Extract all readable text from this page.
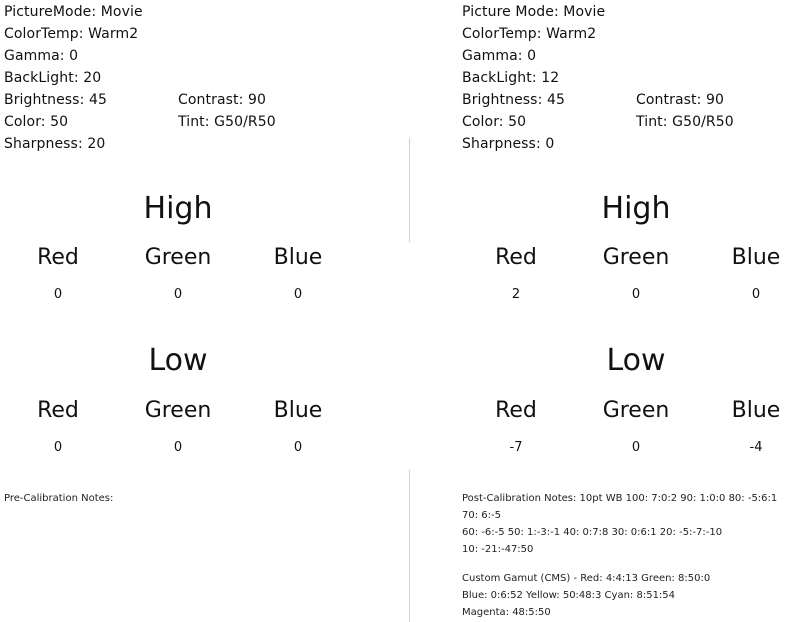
PictureMode: Movie
ColorTemp: Warm2
Gamma: 0
BackLight: 20
Brightness: 45	Contrast: 90
Color: 50	Tint: G50/R50
Sharpness: 20
High
Red	Green	Blue
0	0	0
Low
Red	Green	Blue
0	0	0
Pre-Calibration Notes:
Picture Mode: Movie
ColorTemp: Warm2
Gamma: 0
BackLight: 12
Brightness: 45	Contrast: 90
Color: 50	Tint: G50/R50
Sharpness: 0
High
Red	Green	Blue
2	0	0
Low
Red	Green	Blue
-7	0	-4
Post-Calibration Notes: 10pt WB 100: 7:0:2 90: 1:0:0 80: -5:6:1 70: 6:-5
60: -6:-5 50: 1:-3:-1 40: 0:7:8 30: 0:6:1 20: -5:-7:-10
10: -21:-47:50
Custom Gamut (CMS) - Red: 4:4:13 Green: 8:50:0
Blue: 0:6:52 Yellow: 50:48:3 Cyan: 8:51:54
Magenta: 48:5:50
